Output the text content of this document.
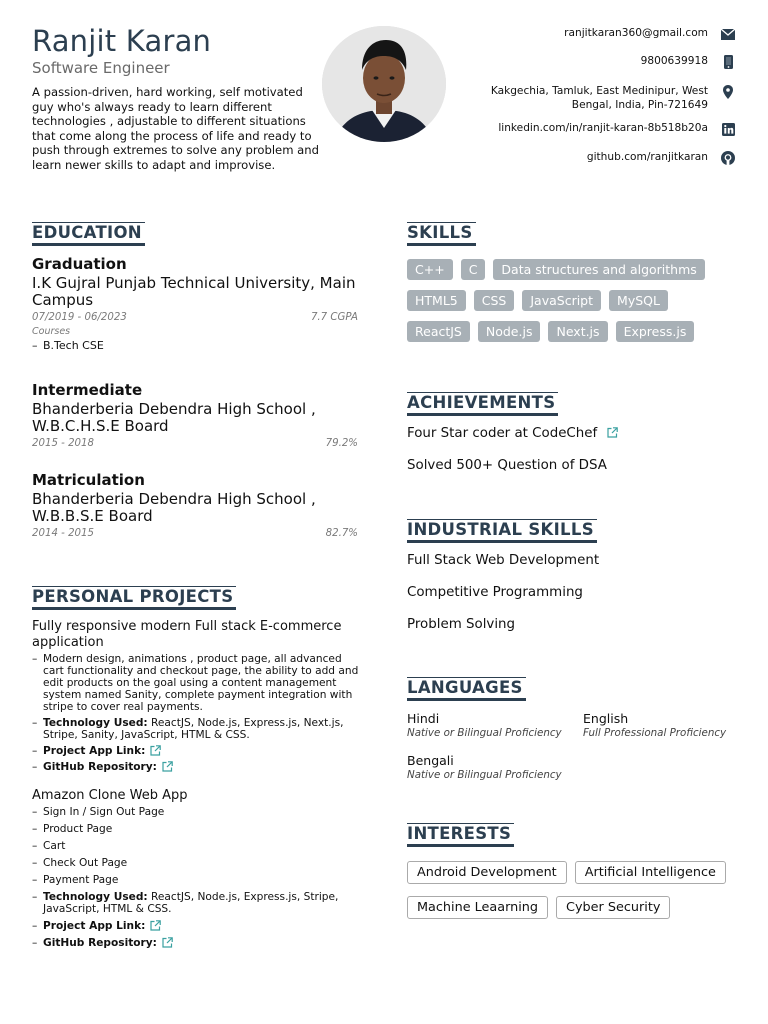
Ranjit Karan
Software Engineer
A passion-driven, hard working, self motivated guy who's always ready to learn different technologies , adjustable to different situations that come along the process of life and ready to push through extremes to solve any problem and learn newer skills to adapt and improvise.
ranjitkaran360@gmail.com
9800639918
Kakgechia, Tamluk, East Medinipur, West
Bengal, India, Pin-721649
linkedin.com/in/ranjit-karan-8b518b20a
github.com/ranjitkaran
EDUCATION
Graduation
I.K Gujral Punjab Technical University, Main Campus
07/2019 - 06/2023	7.7 CGPA
Courses
– B.Tech CSE
Intermediate
Bhanderberia Debendra High School , W.B.C.H.S.E Board
2015 - 2018	79.2%
Matriculation
Bhanderberia Debendra High School , W.B.B.S.E Board
2014 - 2015	82.7%
PERSONAL PROJECTS
Fully responsive modern Full stack E-commerce application
– Modern design, animations , product page, all advanced cart functionality and checkout page, the ability to add and edit products on the goal using a content management system named Sanity, complete payment integration with stripe to cover real payments.
– Technology Used: ReactJS, Node.js, Express.js, Next.js, Stripe, Sanity, JavaScript, HTML & CSS.
– Project App Link:
– GitHub Repository:
Amazon Clone Web App
– Sign In / Sign Out Page
– Product Page
– Cart
– Check Out Page
– Payment Page
– Technology Used: ReactJS, Node.js, Express.js, Stripe, JavaScript, HTML & CSS.
– Project App Link:
– GitHub Repository:
SKILLS
C++	C	Data structures and algorithms
HTML5	CSS	JavaScript	MySQL
ReactJS	Node.js	Next.js	Express.js
ACHIEVEMENTS
Four Star coder at CodeChef
Solved 500+ Question of DSA
INDUSTRIAL SKILLS
Full Stack Web Development
Competitive Programming
Problem Solving
LANGUAGES
Hindi
Native or Bilingual Proficiency
English
Full Professional Proficiency
Bengali
Native or Bilingual Proficiency
INTERESTS
Android Development	Artificial Intelligence
Machine Leaarning	Cyber Security
